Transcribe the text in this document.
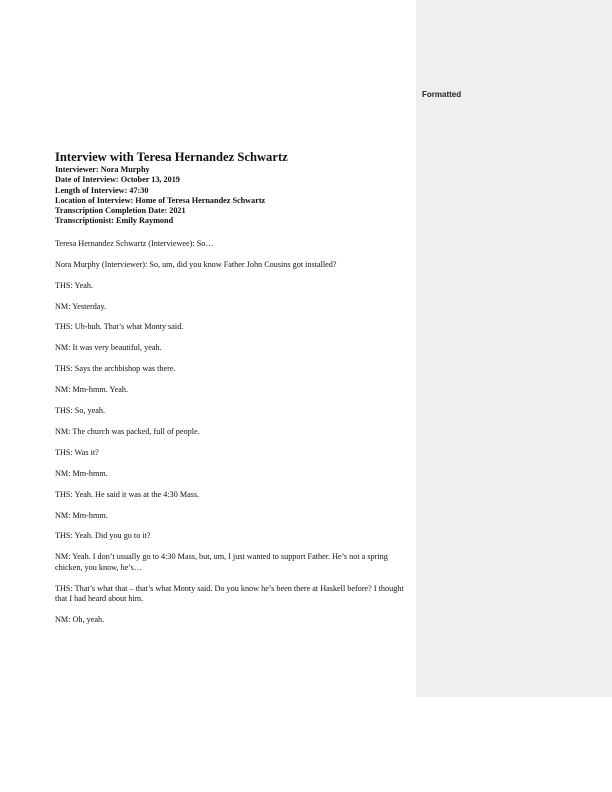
Formatted
Interview with Teresa Hernandez Schwartz
Interviewer: Nora Murphy
Date of Interview: October 13, 2019
Length of Interview: 47:30
Location of Interview: Home of Teresa Hernandez Schwartz
Transcription Completion Date: 2021
Transcriptionist: Emily Raymond
Teresa Hernandez Schwartz (Interviewee): So…
Nora Murphy (Interviewer): So, um, did you know Father John Cousins got installed?
THS: Yeah.
NM: Yesterday.
THS: Uh-huh. That’s what Monty said.
NM: It was very beautiful, yeah.
THS: Says the archbishop was there.
NM: Mm-hmm. Yeah.
THS: So, yeah.
NM: The church was packed, full of people.
THS: Was it?
NM: Mm-hmm.
THS: Yeah. He said it was at the 4:30 Mass.
NM: Mm-hmm.
THS: Yeah. Did you go to it?
NM: Yeah. I don’t usually go to 4:30 Mass, but, um, I just wanted to support Father. He’s not a spring chicken, you know, he’s…
THS: That’s what that – that’s what Monty said. Do you know he’s been there at Haskell before? I thought that I had heard about him.
NM: Oh, yeah.
